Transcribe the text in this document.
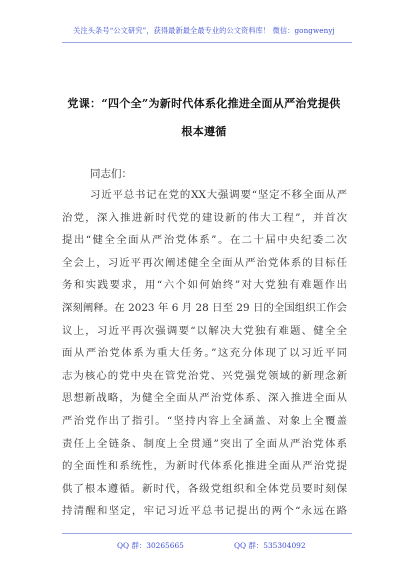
关注头条号“公文研究”，获得最新最全最专业的公文资料库！ 微信：gongwenyj
党课：“四个全”为新时代体系化推进全面从严治党提供
根本遵循
同志们：
习近平总书记在党的XX大强调要“坚定不移全面从严
治党，深入推进新时代党的建设新的伟大工程”，并首次
提出“健全全面从严治党体系”。在二十届中央纪委二次
全会上，习近平再次阐述健全全面从严治党体系的目标任
务和实践要求，用“六个如何始终”对大党独有难题作出
深刻阐释。在 2023 年 6 月 28 日至 29 日的全国组织工作会
议上，习近平再次强调要“以解决大党独有难题、健全全
面从严治党体系为重大任务。”这充分体现了以习近平同
志为核心的党中央在管党治党、兴党强党领域的新理念新
思想新战略，为健全全面从严治党体系、深入推进全面从
严治党作出了指引。“坚持内容上全涵盖、对象上全覆盖
责任上全链条、制度上全贯通”突出了全面从严治党体系
的全面性和系统性，为新时代体系化推进全面从严治党提
供了根本遵循。新时代，各级党组织和全体党员要时刻保
持清醒和坚定，牢记习近平总书记提出的两个“永远在路
QQ 群：30265665	QQ 群：535304092
